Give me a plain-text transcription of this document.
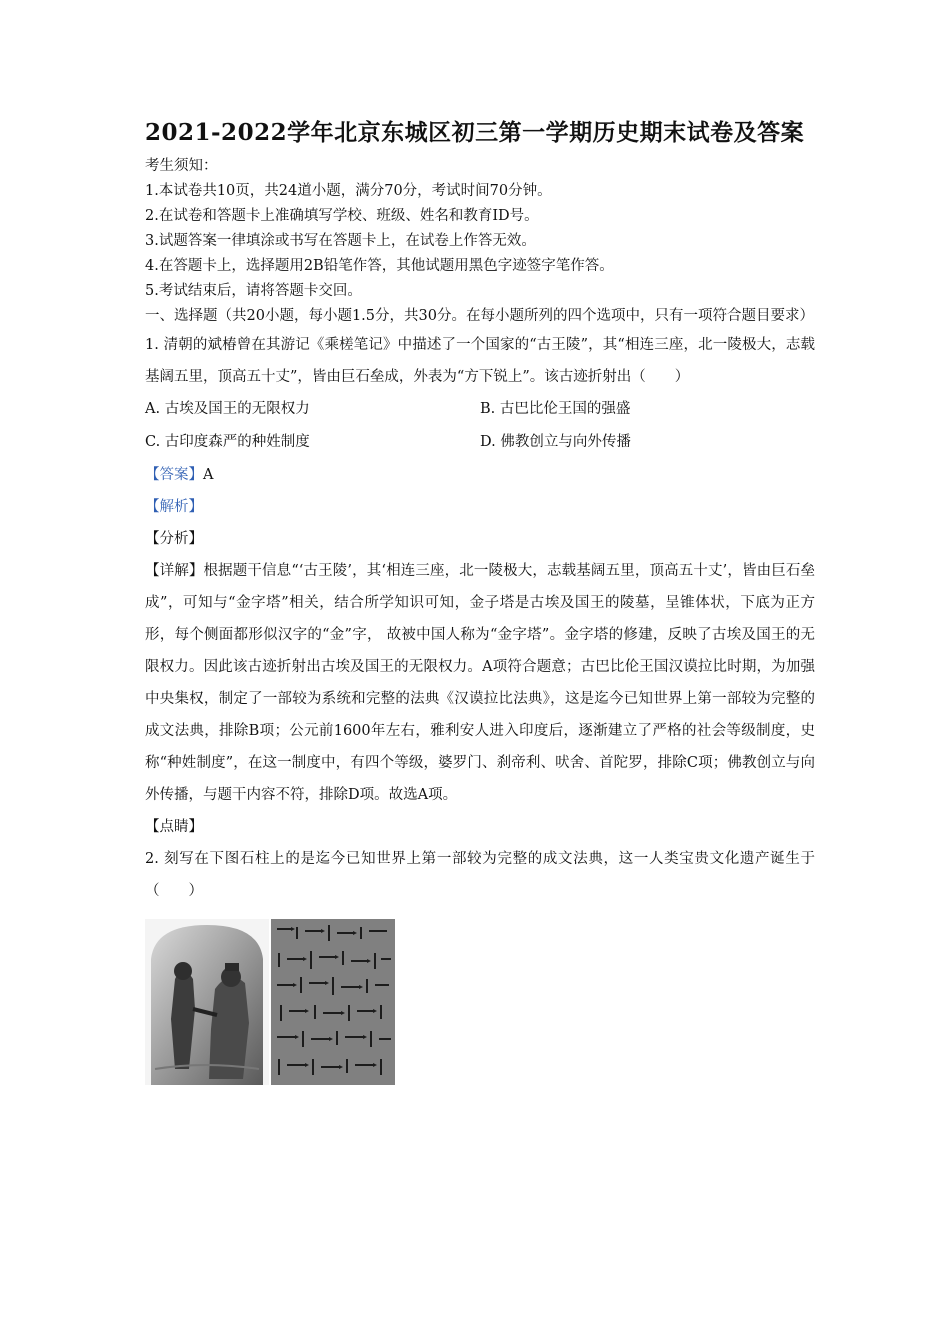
2021-2022学年北京东城区初三第一学期历史期末试卷及答案
考生须知：
1.本试卷共10页，共24道小题，满分70分，考试时间70分钟。
2.在试卷和答题卡上准确填写学校、班级、姓名和教育ID号。
3.试题答案一律填涂或书写在答题卡上，在试卷上作答无效。
4.在答题卡上，选择题用2B铅笔作答，其他试题用黑色字迹签字笔作答。
5.考试结束后，请将答题卡交回。
一、选择题（共20小题，每小题1.5分，共30分。在每小题所列的四个选项中，只有一项符合题目要求）
1. 清朝的斌椿曾在其游记《乘槎笔记》中描述了一个国家的“古王陵”，其“相连三座，北一陵极大，志载基阔五里，顶高五十丈”，皆由巨石垒成，外表为“方下锐上”。该古迹折射出（　　）
A. 古埃及国王的无限权力	B. 古巴比伦王国的强盛
C. 古印度森严的种姓制度	D. 佛教创立与向外传播
【答案】A
【解析】
【分析】
【详解】根据题干信息“‘古王陵’，其‘相连三座，北一陵极大，志载基阔五里，顶高五十丈’，皆由巨石垒成”，可知与“金字塔”相关，结合所学知识可知，金子塔是古埃及国王的陵墓，呈锥体状，下底为正方形，每个侧面都形似汉字的“金”字， 故被中国人称为“金字塔”。金字塔的修建，反映了古埃及国王的无限权力。因此该古迹折射出古埃及国王的无限权力。A项符合题意；古巴比伦王国汉谟拉比时期，为加强中央集权，制定了一部较为系统和完整的法典《汉谟拉比法典》，这是迄今已知世界上第一部较为完整的成文法典，排除B项；公元前1600年左右，雅利安人进入印度后，逐渐建立了严格的社会等级制度，史称“种姓制度”，在这一制度中，有四个等级，婆罗门、刹帝利、吠舍、首陀罗，排除C项；佛教创立与向外传播，与题干内容不符，排除D项。故选A项。
【点睛】
2. 刻写在下图石柱上的是迄今已知世界上第一部较为完整的成文法典，这一人类宝贵文化遗产诞生于（　　）
